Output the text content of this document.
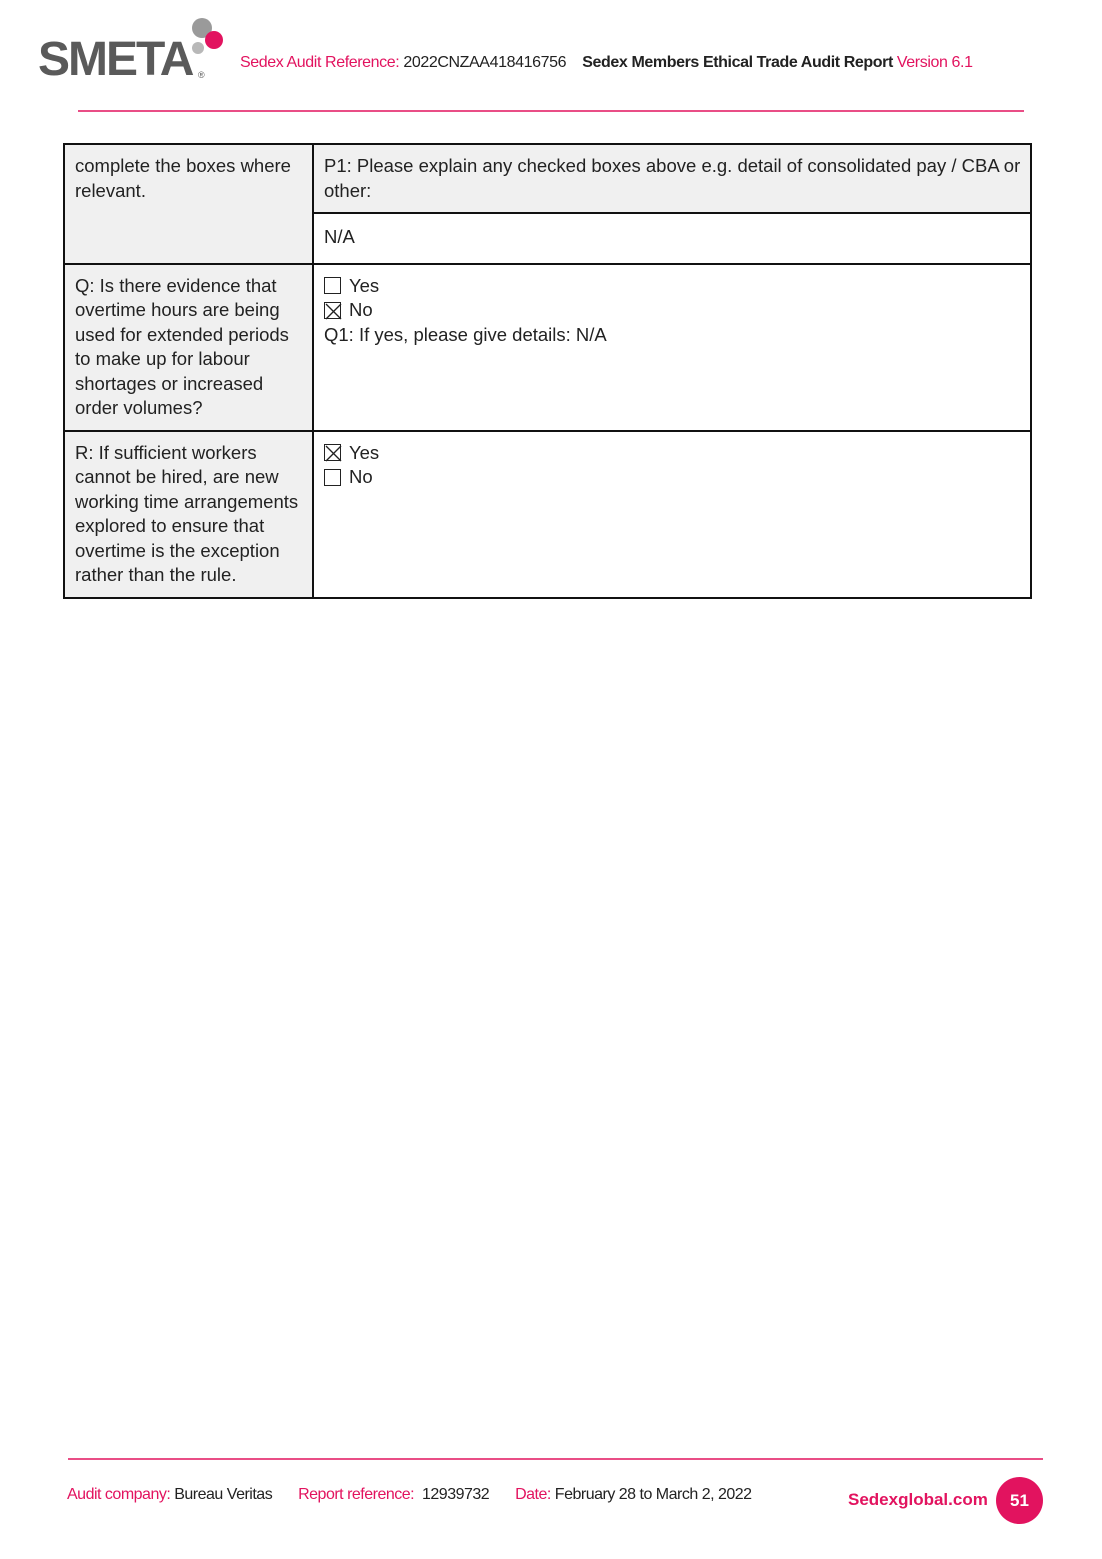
SMETA ®
Sedex Audit Reference: 2022CNZAA418416756 Sedex Members Ethical Trade Audit Report Version 6.1
complete the boxes where relevant.	P1: Please explain any checked boxes above e.g. detail of consolidated pay / CBA or other:
	N/A
Q: Is there evidence that overtime hours are being used for extended periods to make up for labour shortages or increased order volumes?	Yes
No
Q1: If yes, please give details: N/A

R: If sufficient workers cannot be hired, are new working time arrangements explored to ensure that overtime is the exception rather than the rule.	Yes
No
Audit company: Bureau Veritas Report reference: 12939732 Date: February 28 to March 2, 2022	Sedexglobal.com	51
